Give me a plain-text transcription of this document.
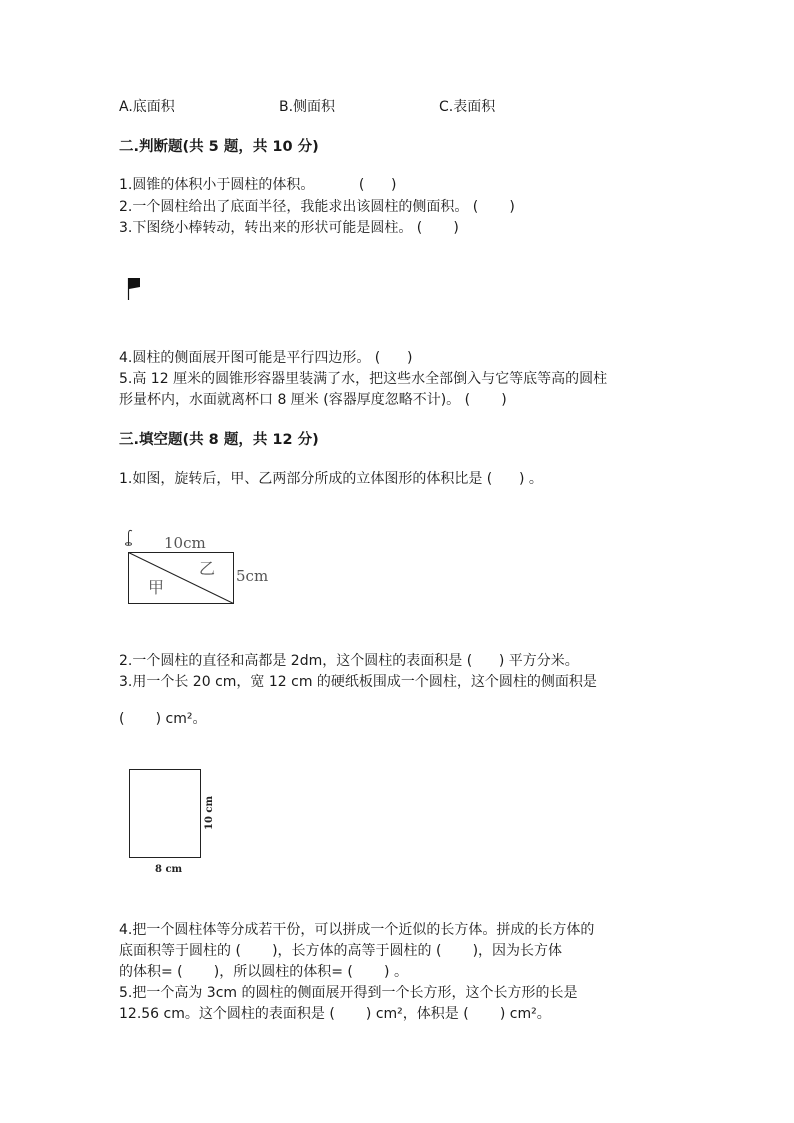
A.底面积	B.侧面积	C.表面积
二.判断题(共 5 题，共 10 分)
1.圆锥的体积小于圆柱的体积。          (      )
2.一个圆柱给出了底面半径，我能求出该圆柱的侧面积。 (       )
3.下图绕小棒转动，转出来的形状可能是圆柱。 (       )
4.圆柱的侧面展开图可能是平行四边形。 (      )
5.高 12 厘米的圆锥形容器里装满了水，把这些水全部倒入与它等底等高的圆柱
形量杯内，水面就离杯口 8 厘米 (容器厚度忽略不计)。 (       )
三.填空题(共 8 题，共 12 分)
1.如图，旋转后，甲、乙两部分所成的立体图形的体积比是 (      ) 。
10cm
5cm
甲
乙
2.一个圆柱的直径和高都是 2dm，这个圆柱的表面积是 (      ) 平方分米。
3.用一个长 20 cm，宽 12 cm 的硬纸板围成一个圆柱，这个圆柱的侧面积是
(       ) cm²。
10 cm
8 cm
4.把一个圆柱体等分成若干份，可以拼成一个近似的长方体。拼成的长方体的
底面积等于圆柱的 (       )，长方体的高等于圆柱的 (       )，因为长方体
的体积= (       )，所以圆柱的体积= (       ) 。
5.把一个高为 3cm 的圆柱的侧面展开得到一个长方形，这个长方形的长是
12.56 cm。这个圆柱的表面积是 (       ) cm²，体积是 (       ) cm²。
